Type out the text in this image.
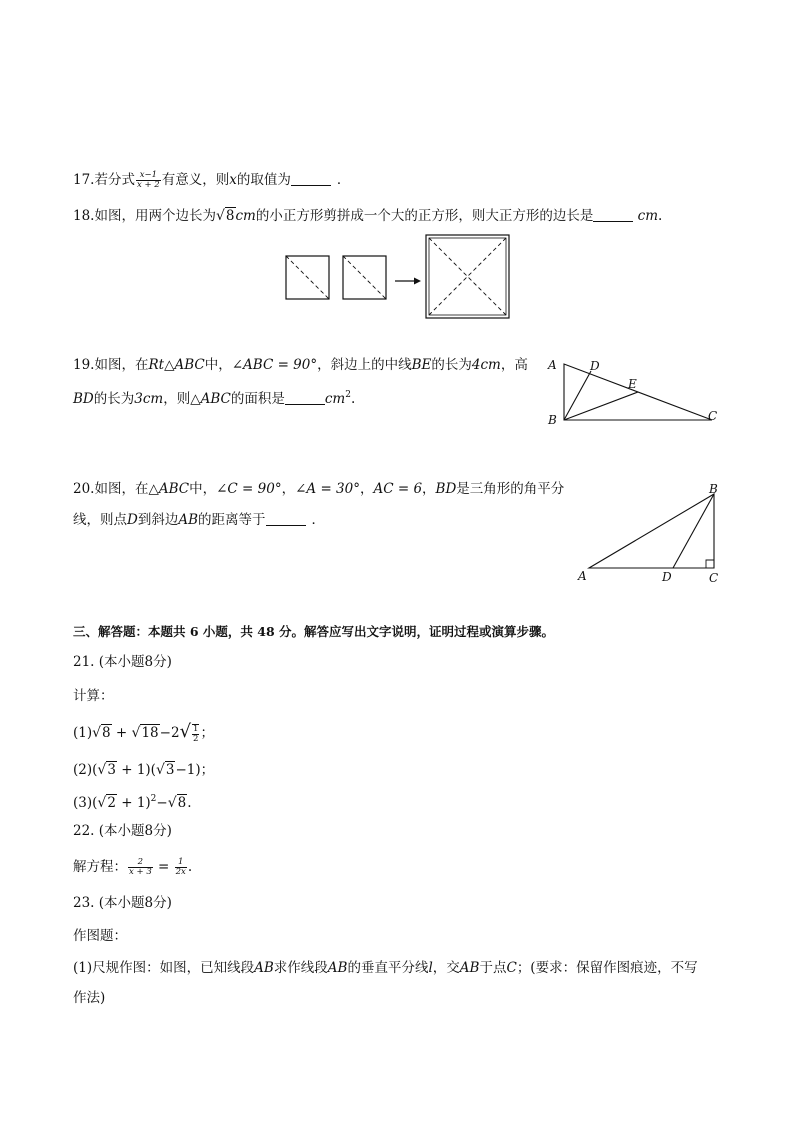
17.若分式 $\frac{x-1}{x + 2}$ 有意义，则x的取值为	．
18.如图，用两个边长为√8cm的小正方形剪拼成一个大的正方形，则大正方形的边长是	cm.
19.如图，在Rt△ABC中，∠ABC = 90°，斜边上的中线BE的长为4cm，高
BD的长为3cm，则△ABC的面积是	$cm^2$.
A
B	C
D
E
20.如图，在△ABC中，∠C = 90°，∠A = 30°，AC = 6，BD是三角形的角平分
线，则点D到斜边AB的距离等于	．
B
A	D	C
三、解答题：本题共 6 小题，共 48 分。解答应写出文字说明，证明过程或演算步骤。
21. (本小题8分)
计算：
$(1)√8 + √18-2√ \frac{1}{2}$ ；
(2)(√3 + 1)(√3−1)；
$(3)(√2 + 1)^2-√8$.
22. (本小题8分)
解方程： $\frac{2}{x + 3} = \frac{1}{2x}$ .
23. (本小题8分)
作图题：
(1)尺规作图：如图，已知线段AB求作线段AB的垂直平分线l，交AB于点C；(要求：保留作图痕迹，不写
作法)
